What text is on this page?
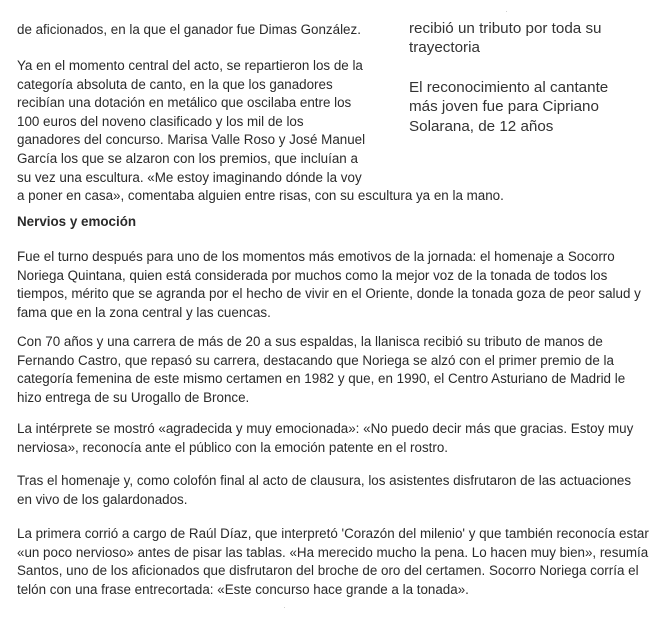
de aficionados, en la que el ganador fue Dimas González.

Ya en el momento central del acto, se repartieron los de la
categoría absoluta de canto, en la que los ganadores
recibían una dotación en metálico que oscilaba entre los
100 euros del noveno clasificado y los mil de los
ganadores del concurso. Marisa Valle Roso y José Manuel
García los que se alzaron con los premios, que incluían a
su vez una escultura. «Me estoy imaginando dónde la voy
a poner en casa», comentaba alguien entre risas, con su escultura ya en la mano.
recibió un tributo por toda su
trayectoria
El reconocimiento al cantante
más joven fue para Cipriano
Solarana, de 12 años
Nervios y emoción
Fue el turno después para uno de los momentos más emotivos de la jornada: el homenaje a Socorro
Noriega Quintana, quien está considerada por muchos como la mejor voz de la tonada de todos los
tiempos, mérito que se agranda por el hecho de vivir en el Oriente, donde la tonada goza de peor salud y
fama que en la zona central y las cuencas.
Con 70 años y una carrera de más de 20 a sus espaldas, la llanisca recibió su tributo de manos de
Fernando Castro, que repasó su carrera, destacando que Noriega se alzó con el primer premio de la
categoría femenina de este mismo certamen en 1982 y que, en 1990, el Centro Asturiano de Madrid le
hizo entrega de su Urogallo de Bronce.
La intérprete se mostró «agradecida y muy emocionada»: «No puedo decir más que gracias. Estoy muy
nerviosa», reconocía ante el público con la emoción patente en el rostro.
Tras el homenaje y, como colofón final al acto de clausura, los asistentes disfrutaron de las actuaciones
en vivo de los galardonados.
La primera corrió a cargo de Raúl Díaz, que interpretó 'Corazón del milenio' y que también reconocía estar
«un poco nervioso» antes de pisar las tablas. «Ha merecido mucho la pena. Lo hacen muy bien», resumía
Santos, uno de los aficionados que disfrutaron del broche de oro del certamen. Socorro Noriega corría el
telón con una frase entrecortada: «Este concurso hace grande a la tonada».
·
·
